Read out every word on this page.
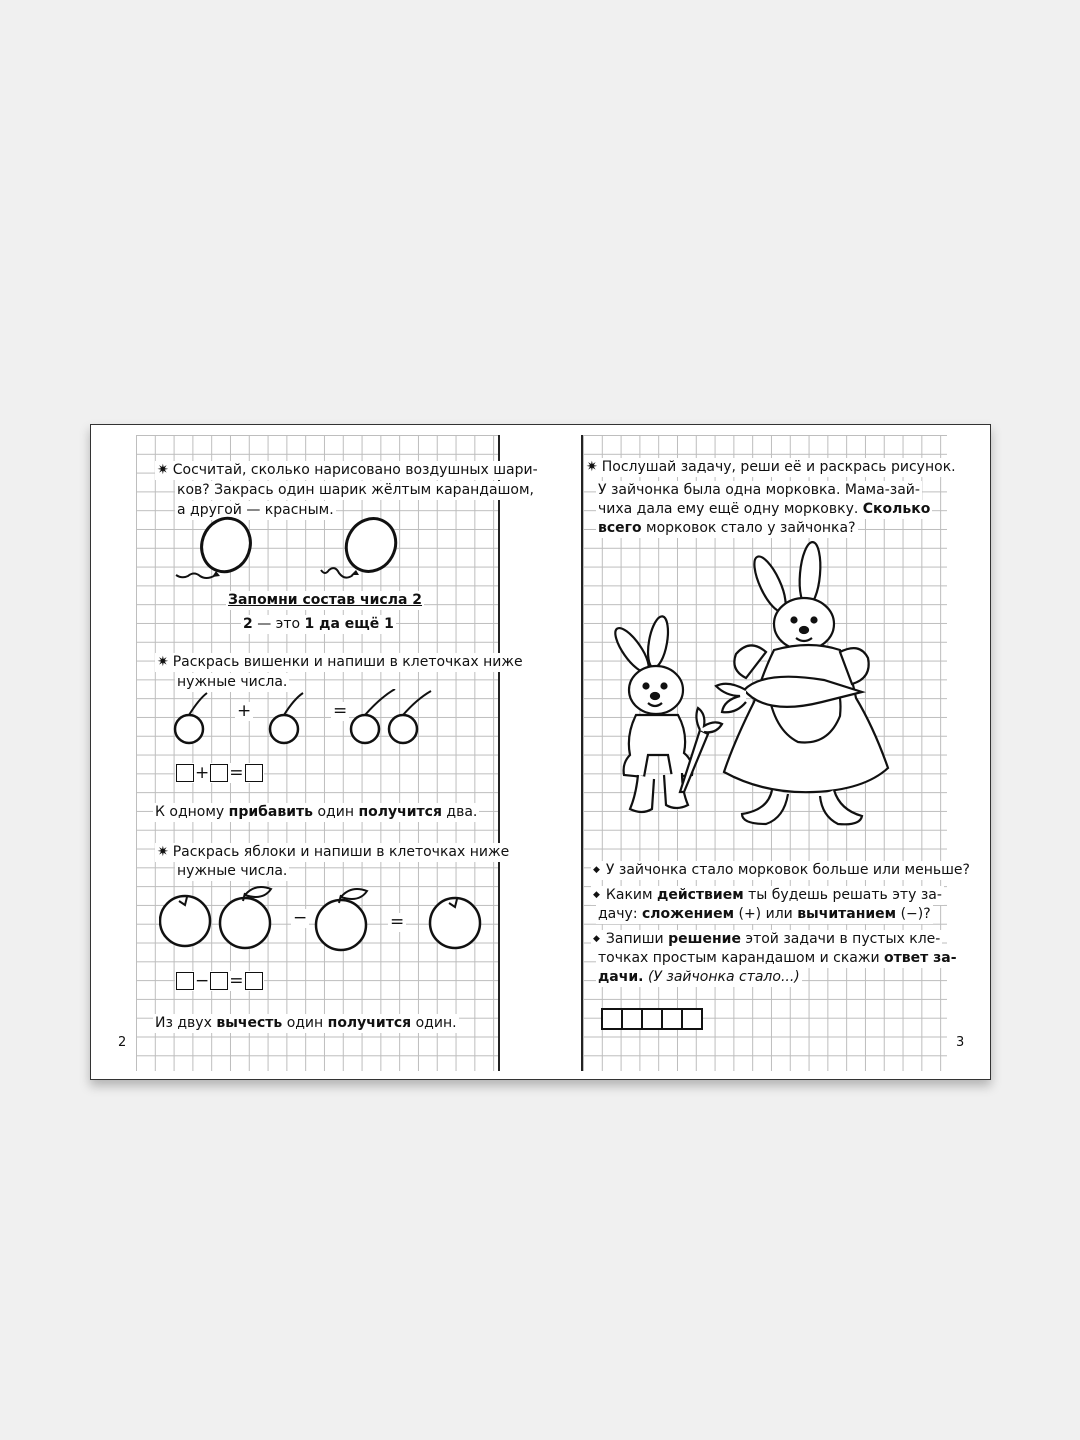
✷ Сосчитай, сколько нарисовано воздушных шари-
ков? Закрась один шарик жёлтым карандашом,
а другой — красным.
Запомни состав числа 2
2 — это 1 да ещё 1
✷ Раскрась вишенки и напиши в клеточках ниже
нужные числа.
+	=
+ =
К одному прибавить один получится два.
✷ Раскрась яблоки и напиши в клеточках ниже
нужные числа.
−	=
− =
Из двух вычесть один получится один.
2
✷ Послушай задачу, реши её и раскрась рисунок.
У зайчонка была одна морковка. Мама-зай-
чиха дала ему ещё одну морковку. Сколько
всего морковок стало у зайчонка?
◆ У зайчонка стало морковок больше или меньше?
◆ Каким действием ты будешь решать эту за-
дачу: сложением (+) или вычитанием (−)?
◆ Запиши решение этой задачи в пустых кле-
точках простым карандашом и скажи ответ за-
дачи. (У зайчонка стало...)
3
